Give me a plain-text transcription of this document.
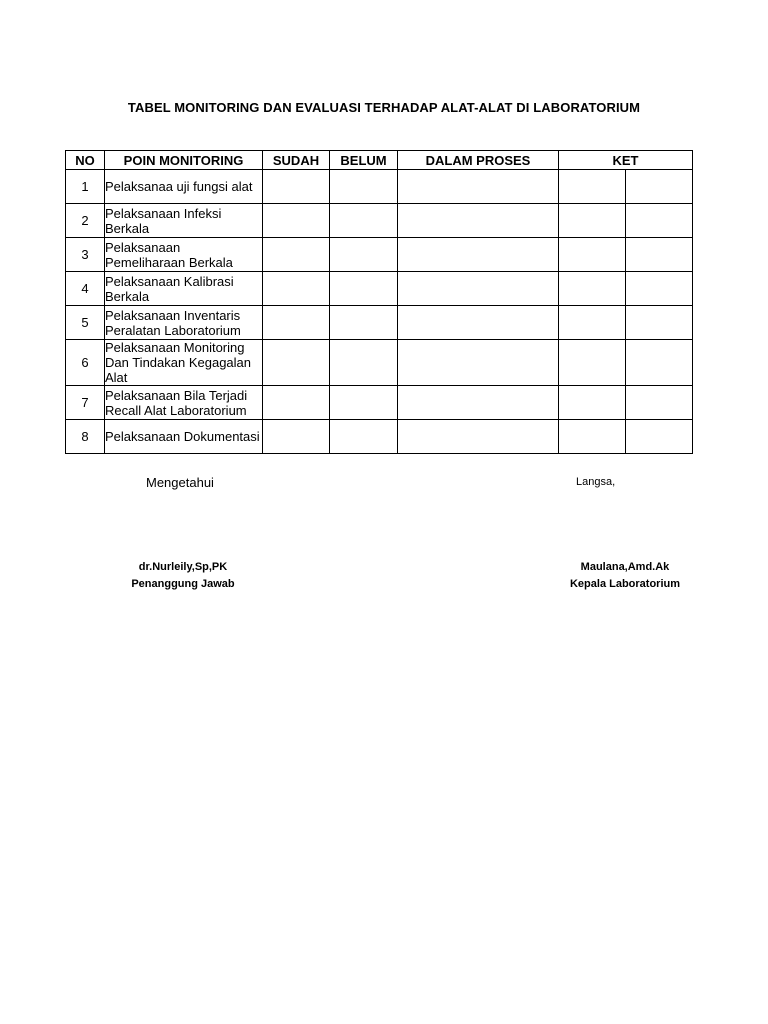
TABEL MONITORING DAN EVALUASI TERHADAP ALAT-ALAT DI LABORATORIUM
NO	POIN MONITORING	SUDAH	BELUM	DALAM PROSES	KET	
1	Pelaksanaa uji fungsi alat					

2	Pelaksanaan Infeksi Berkala					

3	Pelaksanaan Pemeliharaan Berkala					

4	Pelaksanaan Kalibrasi Berkala					

5	Pelaksanaan Inventaris Peralatan Laboratorium					

6	Pelaksanaan Monitoring Dan Tindakan Kegagalan Alat					

7	Pelaksanaan Bila Terjadi Recall Alat Laboratorium					

8	Pelaksanaan Dokumentasi					

Mengetahui	Langsa,
dr.Nurleily,Sp,PK
Penanggung Jawab
Maulana,Amd.Ak
Kepala Laboratorium
